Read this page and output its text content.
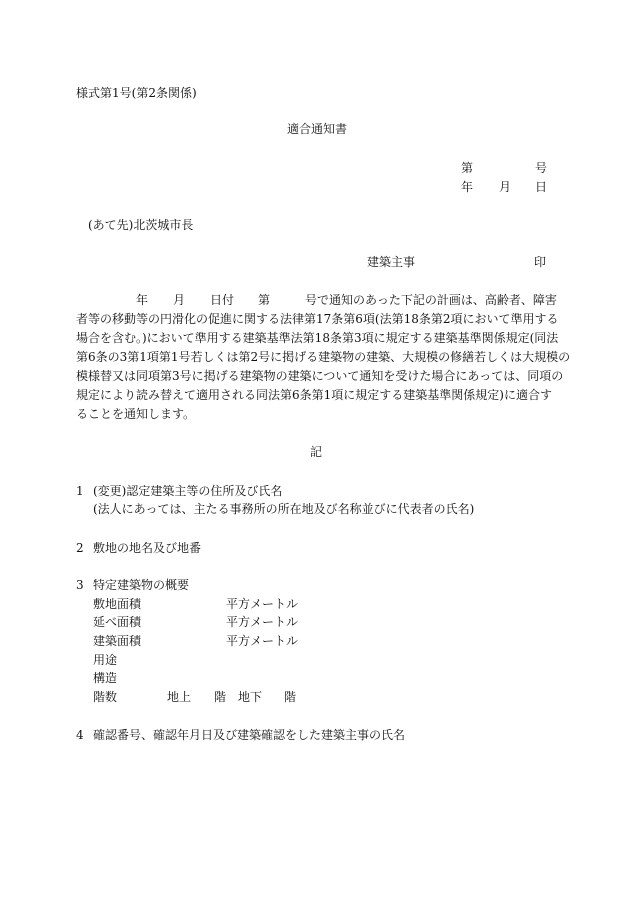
様式第1号(第2条関係)
適合通知書
第	号
年 月 日
(あて先)北茨城市長
建築主事	印
年 月 日付 第	号で通知のあった下記の計画は、高齢者、障害
者等の移動等の円滑化の促進に関する法律第17条第6項(法第18条第2項において準用する
場合を含む。)において準用する建築基準法第18条第3項に規定する建築基準関係規定(同法
第6条の3第1項第1号若しくは第2号に掲げる建築物の建築、大規模の修繕若しくは大規模の
模様替又は同項第3号に掲げる建築物の建築について通知を受けた場合にあっては、同項の
規定により読み替えて適用される同法第6条第1項に規定する建築基準関係規定)に適合す
ることを通知します。
記
1 (変更)認定建築主等の住所及び氏名
(法人にあっては、主たる事務所の所在地及び名称並びに代表者の氏名)
2 敷地の地名及び地番
3 特定建築物の概要
敷地面積	平方メートル
延べ面積	平方メートル
建築面積	平方メートル
用途
構造
階数	地上 階 地下 階
4 確認番号、確認年月日及び建築確認をした建築主事の氏名
